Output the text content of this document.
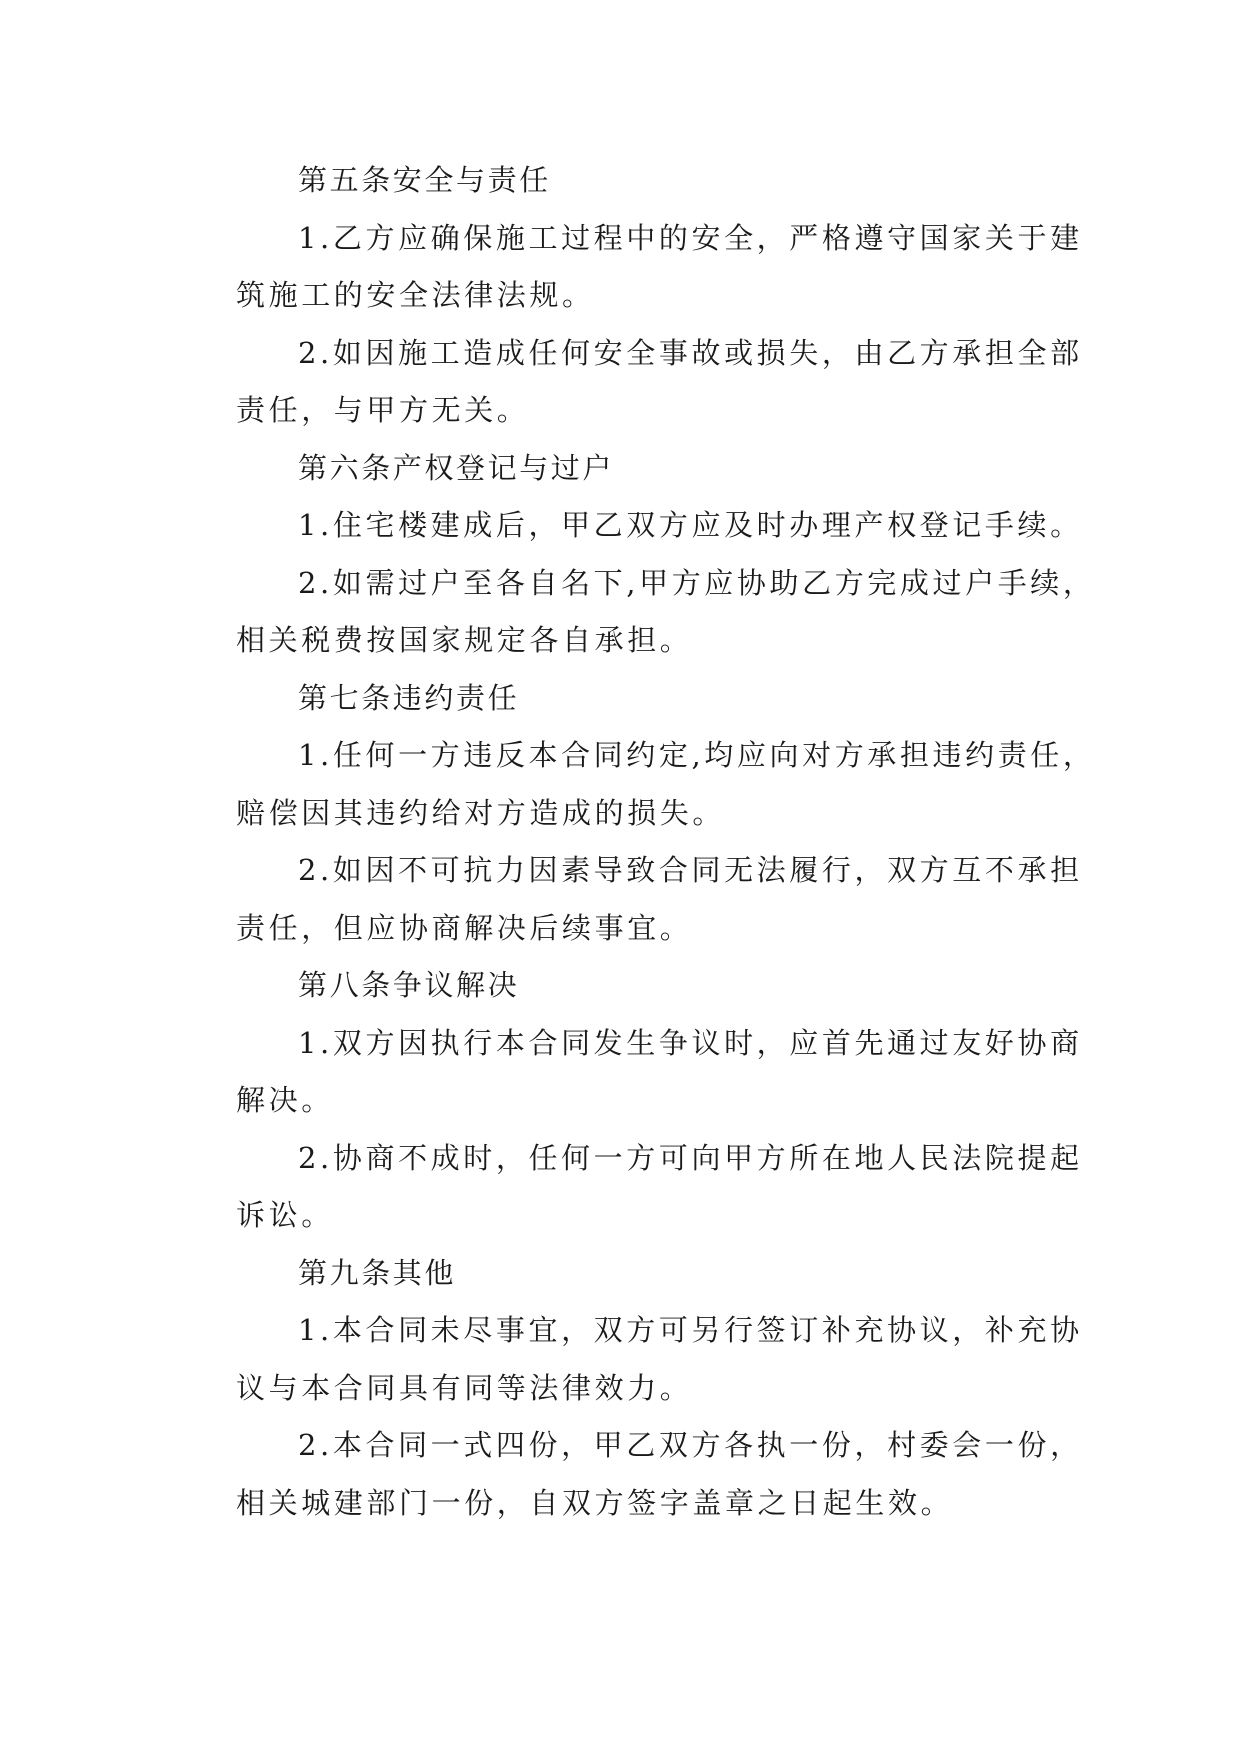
第五条安全与责任

1.乙方应确保施工过程中的安全，严格遵守国家关于建
筑施工的安全法律法规。

2.如因施工造成任何安全事故或损失，由乙方承担全部
责任，与甲方无关。

第六条产权登记与过户

1.住宅楼建成后，甲乙双方应及时办理产权登记手续。

2.如需过户至各自名下,甲方应协助乙方完成过户手续，
相关税费按国家规定各自承担。

第七条违约责任

1.任何一方违反本合同约定,均应向对方承担违约责任，
赔偿因其违约给对方造成的损失。

2.如因不可抗力因素导致合同无法履行，双方互不承担
责任，但应协商解决后续事宜。

第八条争议解决

1.双方因执行本合同发生争议时，应首先通过友好协商
解决。

2.协商不成时，任何一方可向甲方所在地人民法院提起
诉讼。

第九条其他

1.本合同未尽事宜，双方可另行签订补充协议，补充协
议与本合同具有同等法律效力。

2.本合同一式四份，甲乙双方各执一份，村委会一份，
相关城建部门一份，自双方签字盖章之日起生效。
